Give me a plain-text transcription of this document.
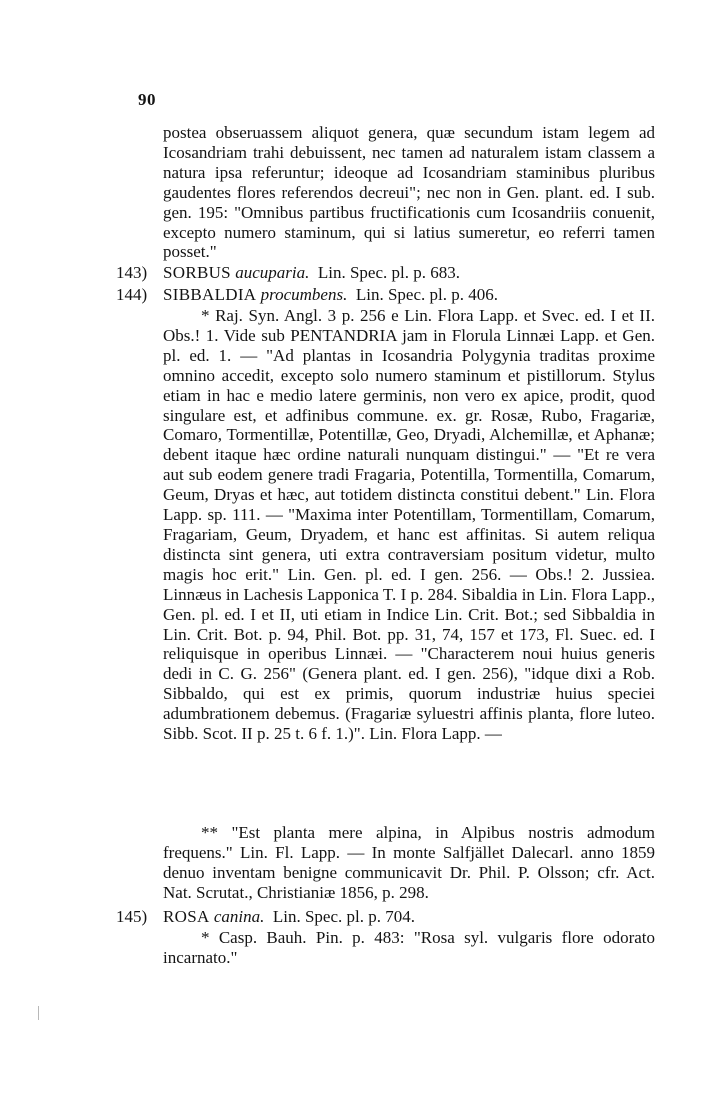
90

postea obseruassem aliquot genera, quæ secundum istam legem ad Icosandriam trahi debuissent, nec tamen ad naturalem istam classem a natura ipsa referuntur; ideoque ad Icosandriam staminibus pluribus gaudentes flores referendos decreui"; nec non in Gen. plant. ed. I sub. gen. 195: "Omnibus partibus fructificationis cum Icosandriis conuenit, excepto numero staminum, qui si latius sumeretur, eo referri tamen posset."

143) SORBUS aucuparia. Lin. Spec. pl. p. 683.
144) SIBBALDIA procumbens. Lin. Spec. pl. p. 406.

* Raj. Syn. Angl. 3 p. 256 e Lin. Flora Lapp. et Svec. ed. I et II. Obs.! 1. Vide sub PENTANDRIA jam in Florula Linnæi Lapp. et Gen. pl. ed. 1. — "Ad plantas in Icosandria Polygynia traditas proxime omnino accedit, excepto solo numero staminum et pistillorum. Stylus etiam in hac e medio latere germinis, non vero ex apice, prodit, quod singulare est, et adfinibus commune. ex. gr. Rosæ, Rubo, Fragariæ, Comaro, Tormentillæ, Potentillæ, Geo, Dryadi, Alchemillæ, et Aphanæ; debent itaque hæc ordine naturali nunquam distingui." — "Et re vera aut sub eodem genere tradi Fragaria, Potentilla, Tormentilla, Comarum, Geum, Dryas et hæc, aut totidem distincta constitui debent." Lin. Flora Lapp. sp. 111. — "Maxima inter Potentillam, Tormentillam, Comarum, Fragariam, Geum, Dryadem, et hanc est affinitas. Si autem reliqua distincta sint genera, uti extra contraversiam positum videtur, multo magis hoc erit." Lin. Gen. pl. ed. I gen. 256. — Obs.! 2. Jussiea. Linnæus in Lachesis Lapponica T. I p. 284. Sibaldia in Lin. Flora Lapp., Gen. pl. ed. I et II, uti etiam in Indice Lin. Crit. Bot.; sed Sibbaldia in Lin. Crit. Bot. p. 94, Phil. Bot. pp. 31, 74, 157 et 173, Fl. Suec. ed. I reliquisque in operibus Linnæi. — "Characterem noui huius generis dedi in C. G. 256" (Genera plant. ed. I gen. 256), "idque dixi a Rob. Sibbaldo, qui est ex primis, quorum industriæ huius speciei adumbrationem debemus. (Fragariæ syluestri affinis planta, flore luteo. Sibb. Scot. II p. 25 t. 6 f. 1.)". Lin. Flora Lapp. —

** "Est planta mere alpina, in Alpibus nostris admodum frequens." Lin. Fl. Lapp. — In monte Salfjället Dalecarl. anno 1859 denuo inventam benigne communicavit Dr. Phil. P. Olsson; cfr. Act. Nat. Scrutat., Christianiæ 1856, p. 298.

145) ROSA canina. Lin. Spec. pl. p. 704.

* Casp. Bauh. Pin. p. 483: "Rosa syl. vulgaris flore odorato incarnato."
